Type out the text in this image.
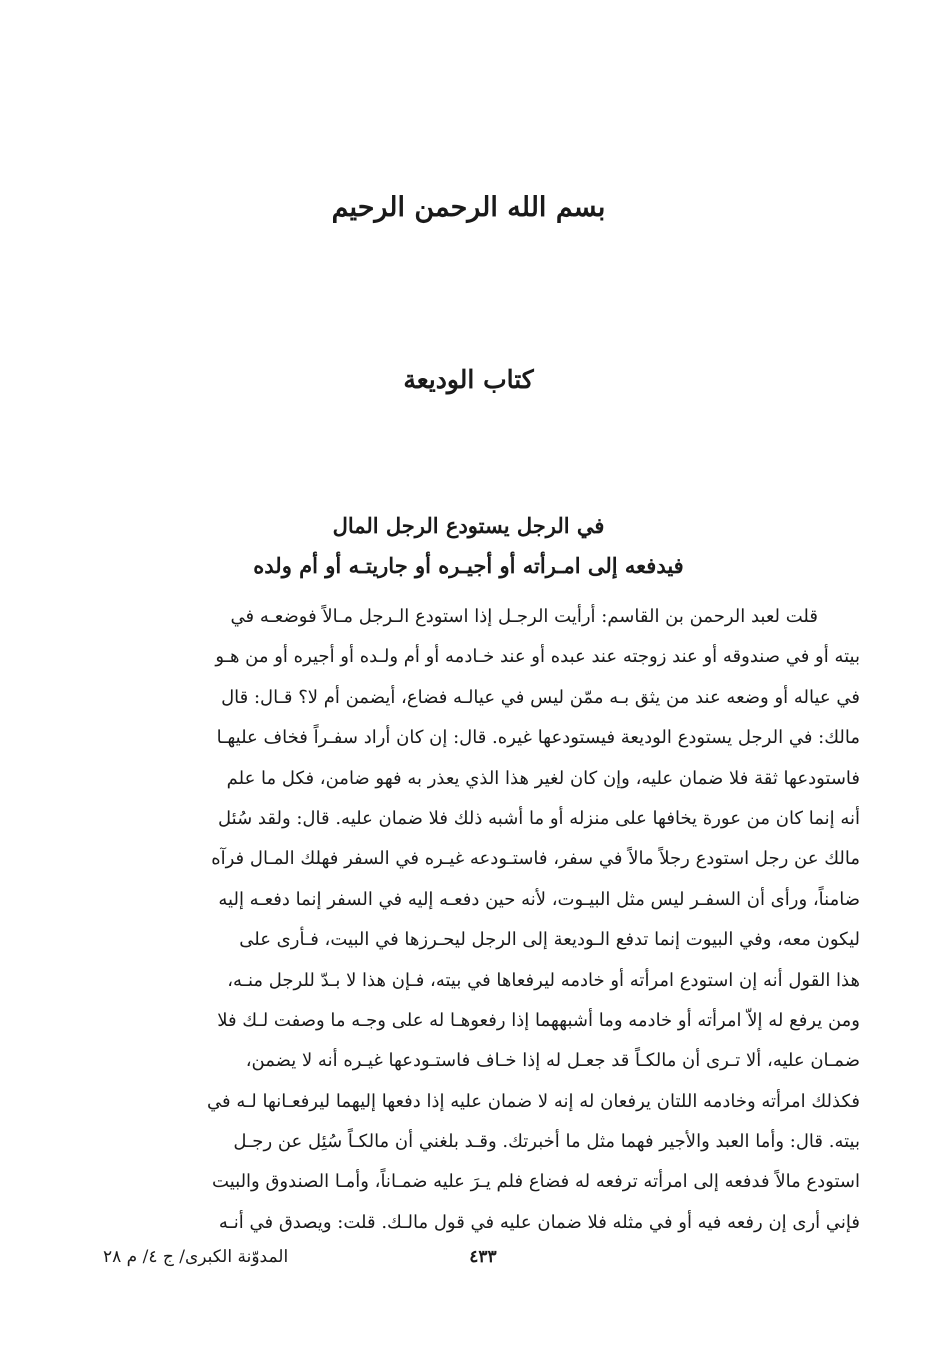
بسم الله الرحمن الرحيم
كتاب الوديعة
في الرجل يستودع الرجل المال
فيدفعه إلى امـرأته أو أجيـره أو جاريتـه أو أم ولده
قلت لعبد الرحمن بن القاسم: أرأيت الرجـل إذا استودع الـرجل مـالاً فوضعـه في
بيته أو في صندوقه أو عند زوجته عند عبده أو عند خـادمه أو أم ولـده أو أجيره أو من هـو
في عياله أو وضعه عند من يثق بـه ممّن ليس في عيالـه فضاع، أيضمن أم لا؟ قـال: قال
مالك: في الرجل يستودع الوديعة فيستودعها غيره. قال: إن كان أراد سفـراً فخاف عليهـا
فاستودعها ثقة فلا ضمان عليه، وإن كان لغير هذا الذي يعذر به فهو ضامن، فكل ما علم
أنه إنما كان من عورة يخافها على منزله أو ما أشبه ذلك فلا ضمان عليه. قال: ولقد سُئل
مالك عن رجل استودع رجلاً مالاً في سفر، فاستـودعه غيـره في السفر فهلك المـال فرآه
ضامناً، ورأى أن السفـر ليس مثل البيـوت، لأنه حين دفعـه إليه في السفر إنما دفعـه إليه
ليكون معه، وفي البيوت إنما تدفع الـوديعة إلى الرجل ليحـرزها في البيت، فـأرى على
هذا القول أنه إن استودع امرأته أو خادمه ليرفعاها في بيته، فـإن هذا لا بـدّ للرجل منـه،
ومن يرفع له إلاّ امرأته أو خادمه وما أشبههما إذا رفعوهـا له على وجـه ما وصفت لـك فلا
ضمـان عليه، ألا تـرى أن مالكـاً قد جعـل له إذا خـاف فاستـودعها غيـره أنه لا يضمن،
فكذلك امرأته وخادمه اللتان يرفعان له إنه لا ضمان عليه إذا دفعها إليهما ليرفعـانها لـه في
بيته. قال: وأما العبد والأجير فهما مثل ما أخبرتك. وقـد بلغني أن مالكـاً سُئِل عن رجـل
استودع مالاً فدفعه إلى امرأته ترفعه له فضاع فلم يـرَ عليه ضمـاناً، وأمـا الصندوق والبيت
فإني أرى إن رفعه فيه أو في مثله فلا ضمان عليه في قول مالـك. قلت: ويصدق في أنـه
المدوّنة الكبرى/ ج ٤/ م ٢٨	٤٣٣
